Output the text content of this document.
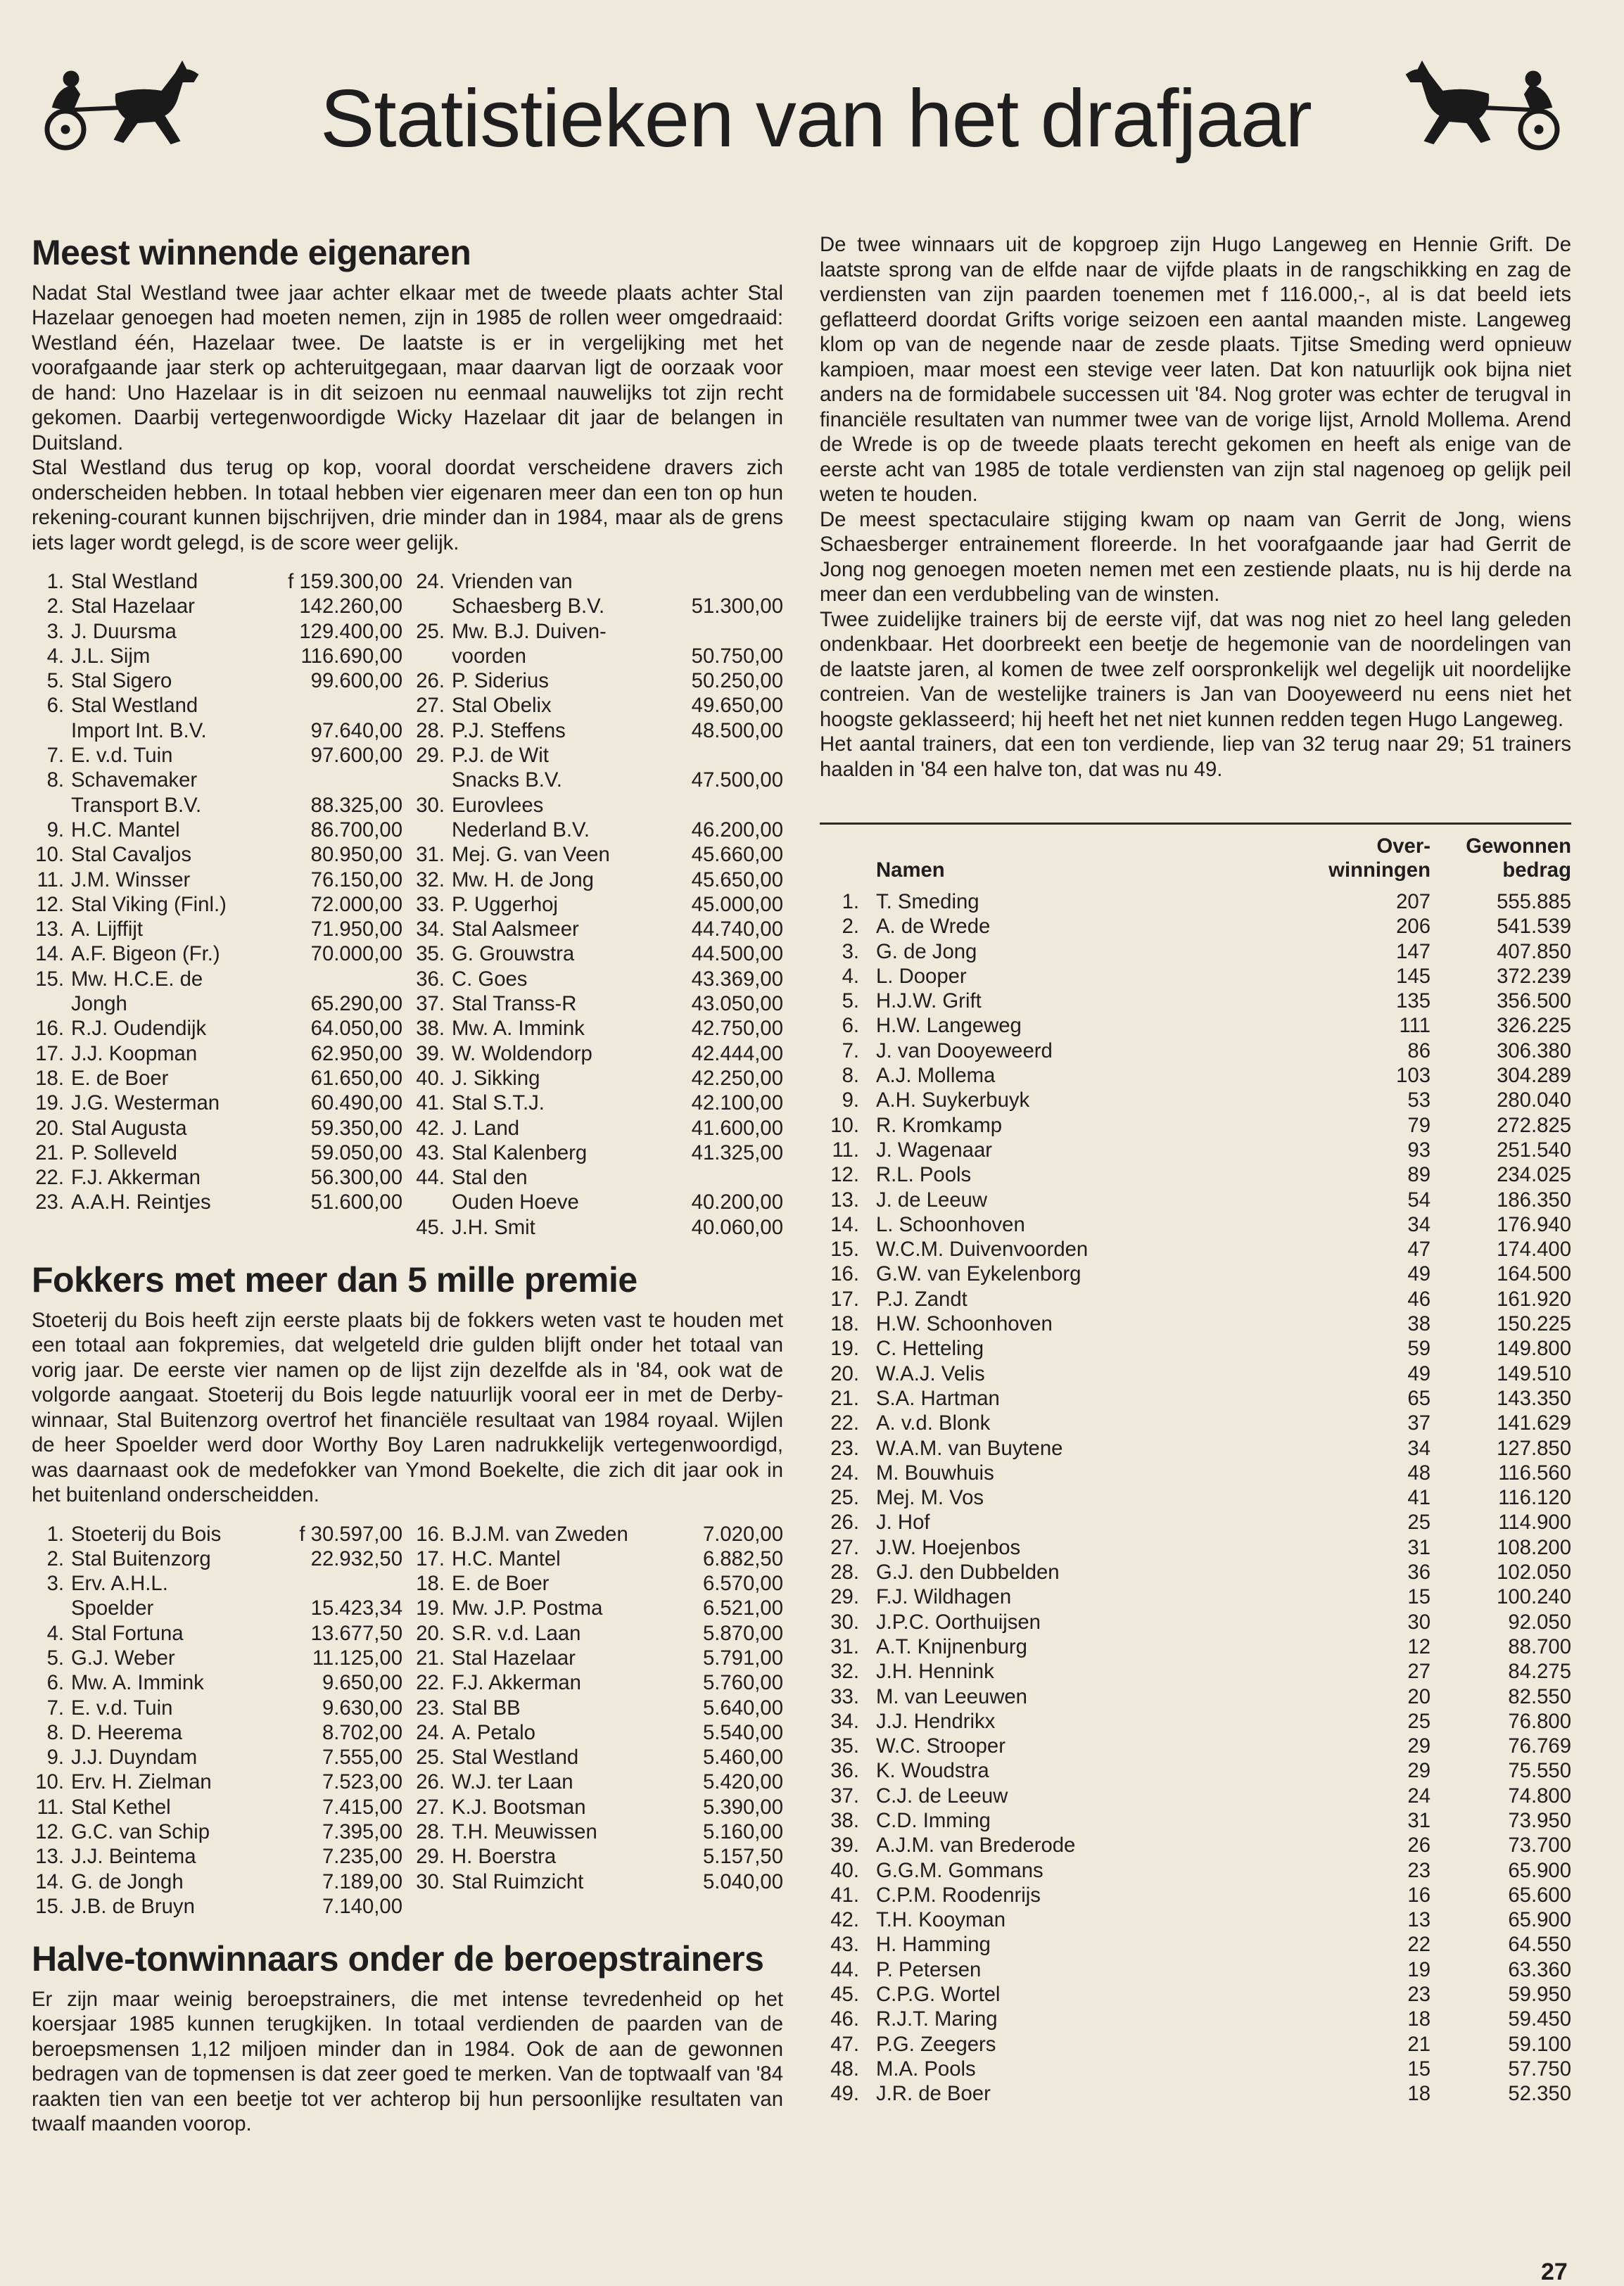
Statistieken van het drafjaar
Meest winnende eigenaren

Nadat Stal Westland twee jaar achter elkaar met de tweede plaats achter Stal Hazelaar genoegen had moeten nemen, zijn in 1985 de rollen weer omgedraaid: Westland één, Hazelaar twee. De laatste is er in vergelijking met het voorafgaande jaar sterk op achteruitgegaan, maar daarvan ligt de oorzaak voor de hand: Uno Hazelaar is in dit seizoen nu eenmaal nauwelijks tot zijn recht gekomen. Daarbij vertegenwoordigde Wicky Hazelaar dit jaar de belangen in Duitsland.

Stal Westland dus terug op kop, vooral doordat verscheidene dravers zich onderscheiden hebben. In totaal hebben vier eigenaren meer dan een ton op hun rekening-courant kunnen bijschrijven, drie minder dan in 1984, maar als de grens iets lager wordt gelegd, is de score weer gelijk.

1. Stal Westland	f 159.300,00
2. Stal Hazelaar	142.260,00
3. J. Duursma	129.400,00
4. J.L. Sijm	116.690,00
5. Stal Sigero	99.600,00
6. Stal Westland
Import Int. B.V.	97.640,00
7. E. v.d. Tuin	97.600,00
8. Schavemaker
Transport B.V.	88.325,00
9. H.C. Mantel	86.700,00
10. Stal Cavaljos	80.950,00
11. J.M. Winsser	76.150,00
12. Stal Viking (Finl.)	72.000,00
13. A. Lijffijt	71.950,00
14. A.F. Bigeon (Fr.)	70.000,00
15. Mw. H.C.E. de
Jongh	65.290,00
16. R.J. Oudendijk	64.050,00
17. J.J. Koopman	62.950,00
18. E. de Boer	61.650,00
19. J.G. Westerman	60.490,00
20. Stal Augusta	59.350,00
21. P. Solleveld	59.050,00
22. F.J. Akkerman	56.300,00
23. A.A.H. Reintjes	51.600,00
24. Vrienden van
Schaesberg B.V.	51.300,00
25. Mw. B.J. Duiven-
voorden	50.750,00
26. P. Siderius	50.250,00
27. Stal Obelix	49.650,00
28. P.J. Steffens	48.500,00
29. P.J. de Wit
Snacks B.V.	47.500,00
30. Eurovlees
Nederland B.V.	46.200,00
31. Mej. G. van Veen	45.660,00
32. Mw. H. de Jong	45.650,00
33. P. Uggerhoj	45.000,00
34. Stal Aalsmeer	44.740,00
35. G. Grouwstra	44.500,00
36. C. Goes	43.369,00
37. Stal Transs-R	43.050,00
38. Mw. A. Immink	42.750,00
39. W. Woldendorp	42.444,00
40. J. Sikking	42.250,00
41. Stal S.T.J.	42.100,00
42. J. Land	41.600,00
43. Stal Kalenberg	41.325,00
44. Stal den
Ouden Hoeve	40.200,00
45. J.H. Smit	40.060,00
Fokkers met meer dan 5 mille premie

Stoeterij du Bois heeft zijn eerste plaats bij de fokkers weten vast te houden met een totaal aan fokpremies, dat welgeteld drie gulden blijft onder het totaal van vorig jaar. De eerste vier namen op de lijst zijn dezelfde als in '84, ook wat de volgorde aangaat. Stoeterij du Bois legde natuurlijk vooral eer in met de Derby-winnaar, Stal Buitenzorg overtrof het financiële resultaat van 1984 royaal. Wijlen de heer Spoelder werd door Worthy Boy Laren nadrukkelijk vertegenwoordigd, was daarnaast ook de medefokker van Ymond Boekelte, die zich dit jaar ook in het buitenland onderscheidden.

1. Stoeterij du Bois	f 30.597,00
2. Stal Buitenzorg	22.932,50
3. Erv. A.H.L.
Spoelder	15.423,34
4. Stal Fortuna	13.677,50
5. G.J. Weber	11.125,00
6. Mw. A. Immink	9.650,00
7. E. v.d. Tuin	9.630,00
8. D. Heerema	8.702,00
9. J.J. Duyndam	7.555,00
10. Erv. H. Zielman	7.523,00
11. Stal Kethel	7.415,00
12. G.C. van Schip	7.395,00
13. J.J. Beintema	7.235,00
14. G. de Jongh	7.189,00
15. J.B. de Bruyn	7.140,00
16. B.J.M. van Zweden	7.020,00
17. H.C. Mantel	6.882,50
18. E. de Boer	6.570,00
19. Mw. J.P. Postma	6.521,00
20. S.R. v.d. Laan	5.870,00
21. Stal Hazelaar	5.791,00
22. F.J. Akkerman	5.760,00
23. Stal BB	5.640,00
24. A. Petalo	5.540,00
25. Stal Westland	5.460,00
26. W.J. ter Laan	5.420,00
27. K.J. Bootsman	5.390,00
28. T.H. Meuwissen	5.160,00
29. H. Boerstra	5.157,50
30. Stal Ruimzicht	5.040,00
Halve-tonwinnaars onder de beroepstrainers

Er zijn maar weinig beroepstrainers, die met intense tevredenheid op het koersjaar 1985 kunnen terugkijken. In totaal verdienden de paarden van de beroepsmensen 1,12 miljoen minder dan in 1984. Ook de aan de gewonnen bedragen van de topmensen is dat zeer goed te merken. Van de toptwaalf van '84 raakten tien van een beetje tot ver achterop bij hun persoonlijke resultaten van twaalf maanden voorop.

De twee winnaars uit de kopgroep zijn Hugo Langeweg en Hennie Grift. De laatste sprong van de elfde naar de vijfde plaats in de rangschikking en zag de verdiensten van zijn paarden toenemen met f 116.000,-, al is dat beeld iets geflatteerd doordat Grifts vorige seizoen een aantal maanden miste. Langeweg klom op van de negende naar de zesde plaats. Tjitse Smeding werd opnieuw kampioen, maar moest een stevige veer laten. Dat kon natuurlijk ook bijna niet anders na de formidabele successen uit '84. Nog groter was echter de terugval in financiële resultaten van nummer twee van de vorige lijst, Arnold Mollema. Arend de Wrede is op de tweede plaats terecht gekomen en heeft als enige van de eerste acht van 1985 de totale verdiensten van zijn stal nagenoeg op gelijk peil weten te houden.

De meest spectaculaire stijging kwam op naam van Gerrit de Jong, wiens Schaesberger entrainement floreerde. In het voorafgaande jaar had Gerrit de Jong nog genoegen moeten nemen met een zestiende plaats, nu is hij derde na meer dan een verdubbeling van de winsten.

Twee zuidelijke trainers bij de eerste vijf, dat was nog niet zo heel lang geleden ondenkbaar. Het doorbreekt een beetje de hegemonie van de noordelingen van de laatste jaren, al komen de twee zelf oorspronkelijk wel degelijk uit noordelijke contreien. Van de westelijke trainers is Jan van Dooyeweerd nu eens niet het hoogste geklasseerd; hij heeft het net niet kunnen redden tegen Hugo Langeweg.

Het aantal trainers, dat een ton verdiende, liep van 32 terug naar 29; 51 trainers haalden in '84 een halve ton, dat was nu 49.

Namen
Over-
winningen
Gewonnen
bedrag
1. T. Smeding	207	555.885
2. A. de Wrede	206	541.539
3. G. de Jong	147	407.850
4. L. Dooper	145	372.239
5. H.J.W. Grift	135	356.500
6. H.W. Langeweg	111	326.225
7. J. van Dooyeweerd	86	306.380
8. A.J. Mollema	103	304.289
9. A.H. Suykerbuyk	53	280.040
10. R. Kromkamp	79	272.825
11. J. Wagenaar	93	251.540
12. R.L. Pools	89	234.025
13. J. de Leeuw	54	186.350
14. L. Schoonhoven	34	176.940
15. W.C.M. Duivenvoorden	47	174.400
16. G.W. van Eykelenborg	49	164.500
17. P.J. Zandt	46	161.920
18. H.W. Schoonhoven	38	150.225
19. C. Hetteling	59	149.800
20. W.A.J. Velis	49	149.510
21. S.A. Hartman	65	143.350
22. A. v.d. Blonk	37	141.629
23. W.A.M. van Buytene	34	127.850
24. M. Bouwhuis	48	116.560
25. Mej. M. Vos	41	116.120
26. J. Hof	25	114.900
27. J.W. Hoejenbos	31	108.200
28. G.J. den Dubbelden	36	102.050
29. F.J. Wildhagen	15	100.240
30. J.P.C. Oorthuijsen	30	92.050
31. A.T. Knijnenburg	12	88.700
32. J.H. Hennink	27	84.275
33. M. van Leeuwen	20	82.550
34. J.J. Hendrikx	25	76.800
35. W.C. Strooper	29	76.769
36. K. Woudstra	29	75.550
37. C.J. de Leeuw	24	74.800
38. C.D. Imming	31	73.950
39. A.J.M. van Brederode	26	73.700
40. G.G.M. Gommans	23	65.900
41. C.P.M. Roodenrijs	16	65.600
42. T.H. Kooyman	13	65.900
43. H. Hamming	22	64.550
44. P. Petersen	19	63.360
45. C.P.G. Wortel	23	59.950
46. R.J.T. Maring	18	59.450
47. P.G. Zeegers	21	59.100
48. M.A. Pools	15	57.750
49. J.R. de Boer	18	52.350
27
